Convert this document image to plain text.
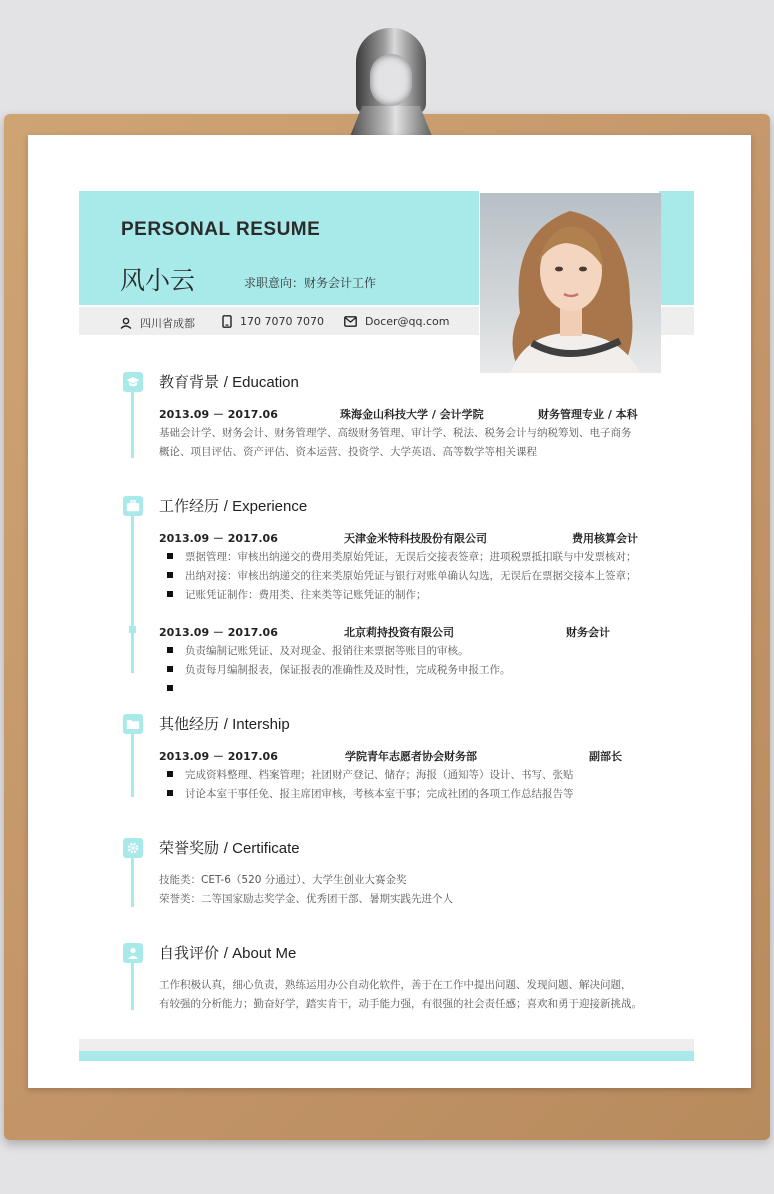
PERSONAL RESUME
风小云	求职意向：财务会计工作
四川省成都	170 7070 7070	Docer@qq.com
教育背景 / Education
2013.09 － 2017.06	珠海金山科技大学 / 会计学院	财务管理专业 / 本科
基础会计学、财务会计、财务管理学、高级财务管理、审计学、税法、税务会计与纳税筹划、电子商务
概论、项目评估、资产评估、资本运营、投资学、大学英语、高等数学等相关课程
工作经历 / Experience
2013.09 － 2017.06	天津金米特科技股份有限公司	费用核算会计
票据管理：审核出纳递交的费用类原始凭证，无误后交接表签章；进项税票抵扣联与中发票核对；
出纳对接：审核出纳递交的往来类原始凭证与银行对账单确认勾选，无误后在票据交接本上签章；
记账凭证制作：费用类、往来类等记账凭证的制作；
2013.09 － 2017.06	北京莉持投资有限公司	财务会计
负责编制记账凭证、及对现金、报销往来票据等账目的审核。
负责每月编制报表，保证报表的准确性及及时性，完成税务申报工作。
其他经历 / Intership
2013.09 － 2017.06	学院青年志愿者协会财务部	副部长
完成资料整理、档案管理；社团财产登记、储存；海报（通知等）设计、书写、张贴
讨论本室干事任免、报主席团审核，考核本室干事；完成社团的各项工作总结报告等
荣誉奖励 / Certificate
技能类：CET-6（520 分通过）、大学生创业大赛金奖
荣誉类：二等国家励志奖学金、优秀团干部、暑期实践先进个人
自我评价 / About Me
工作积极认真，细心负责，熟练运用办公自动化软件，善于在工作中提出问题、发现问题、解决问题，
有较强的分析能力；勤奋好学，踏实肯干，动手能力强，有很强的社会责任感；喜欢和勇于迎接新挑战。
